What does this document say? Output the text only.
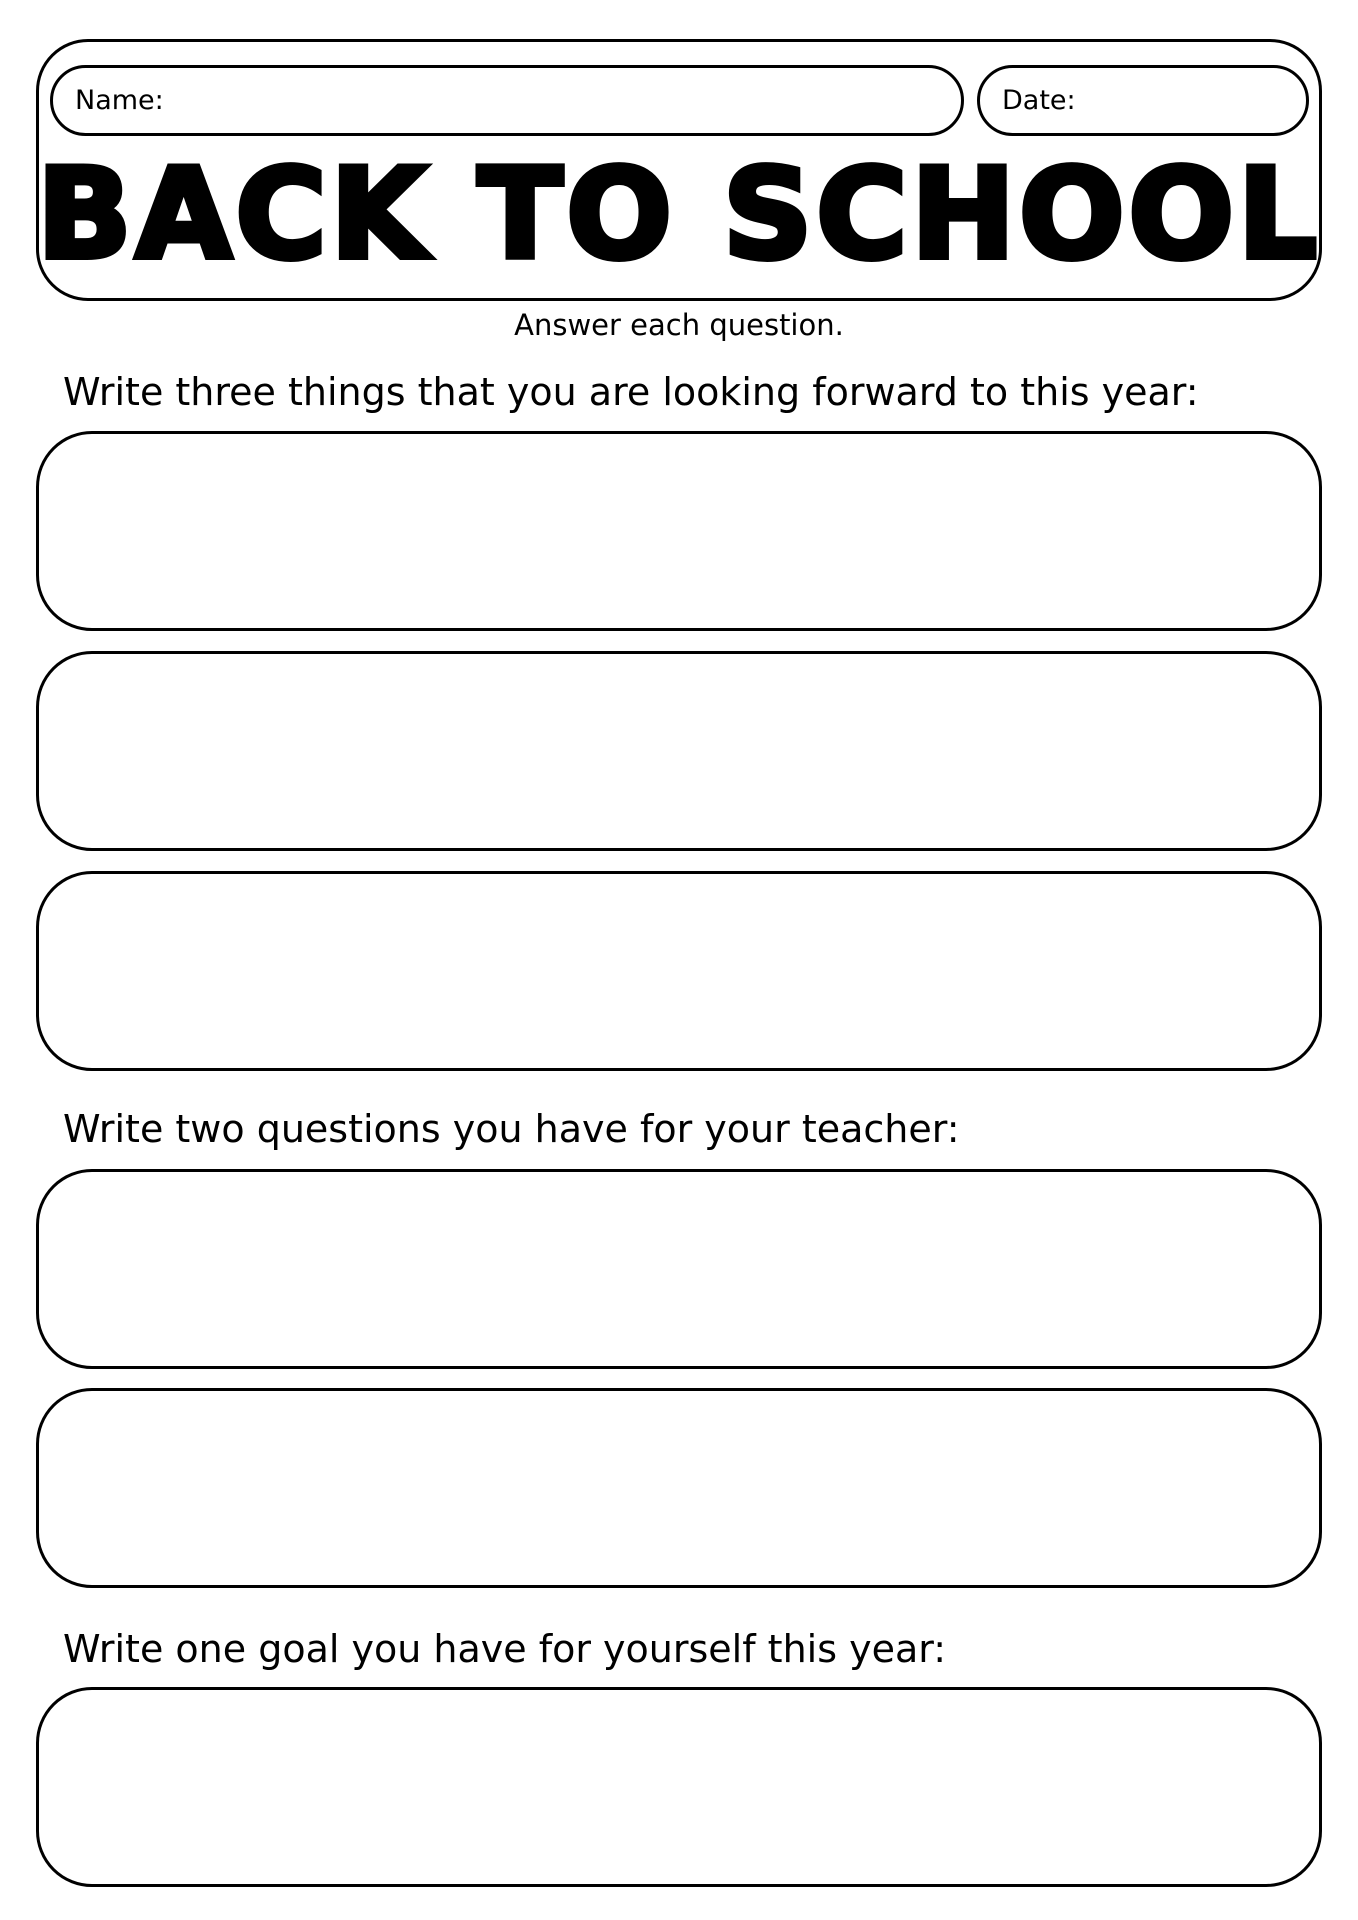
Name:	Date:
BACK TO SCHOOL
Answer each question.
Write three things that you are looking forward to this year:
Write two questions you have for your teacher:
Write one goal you have for yourself this year:
